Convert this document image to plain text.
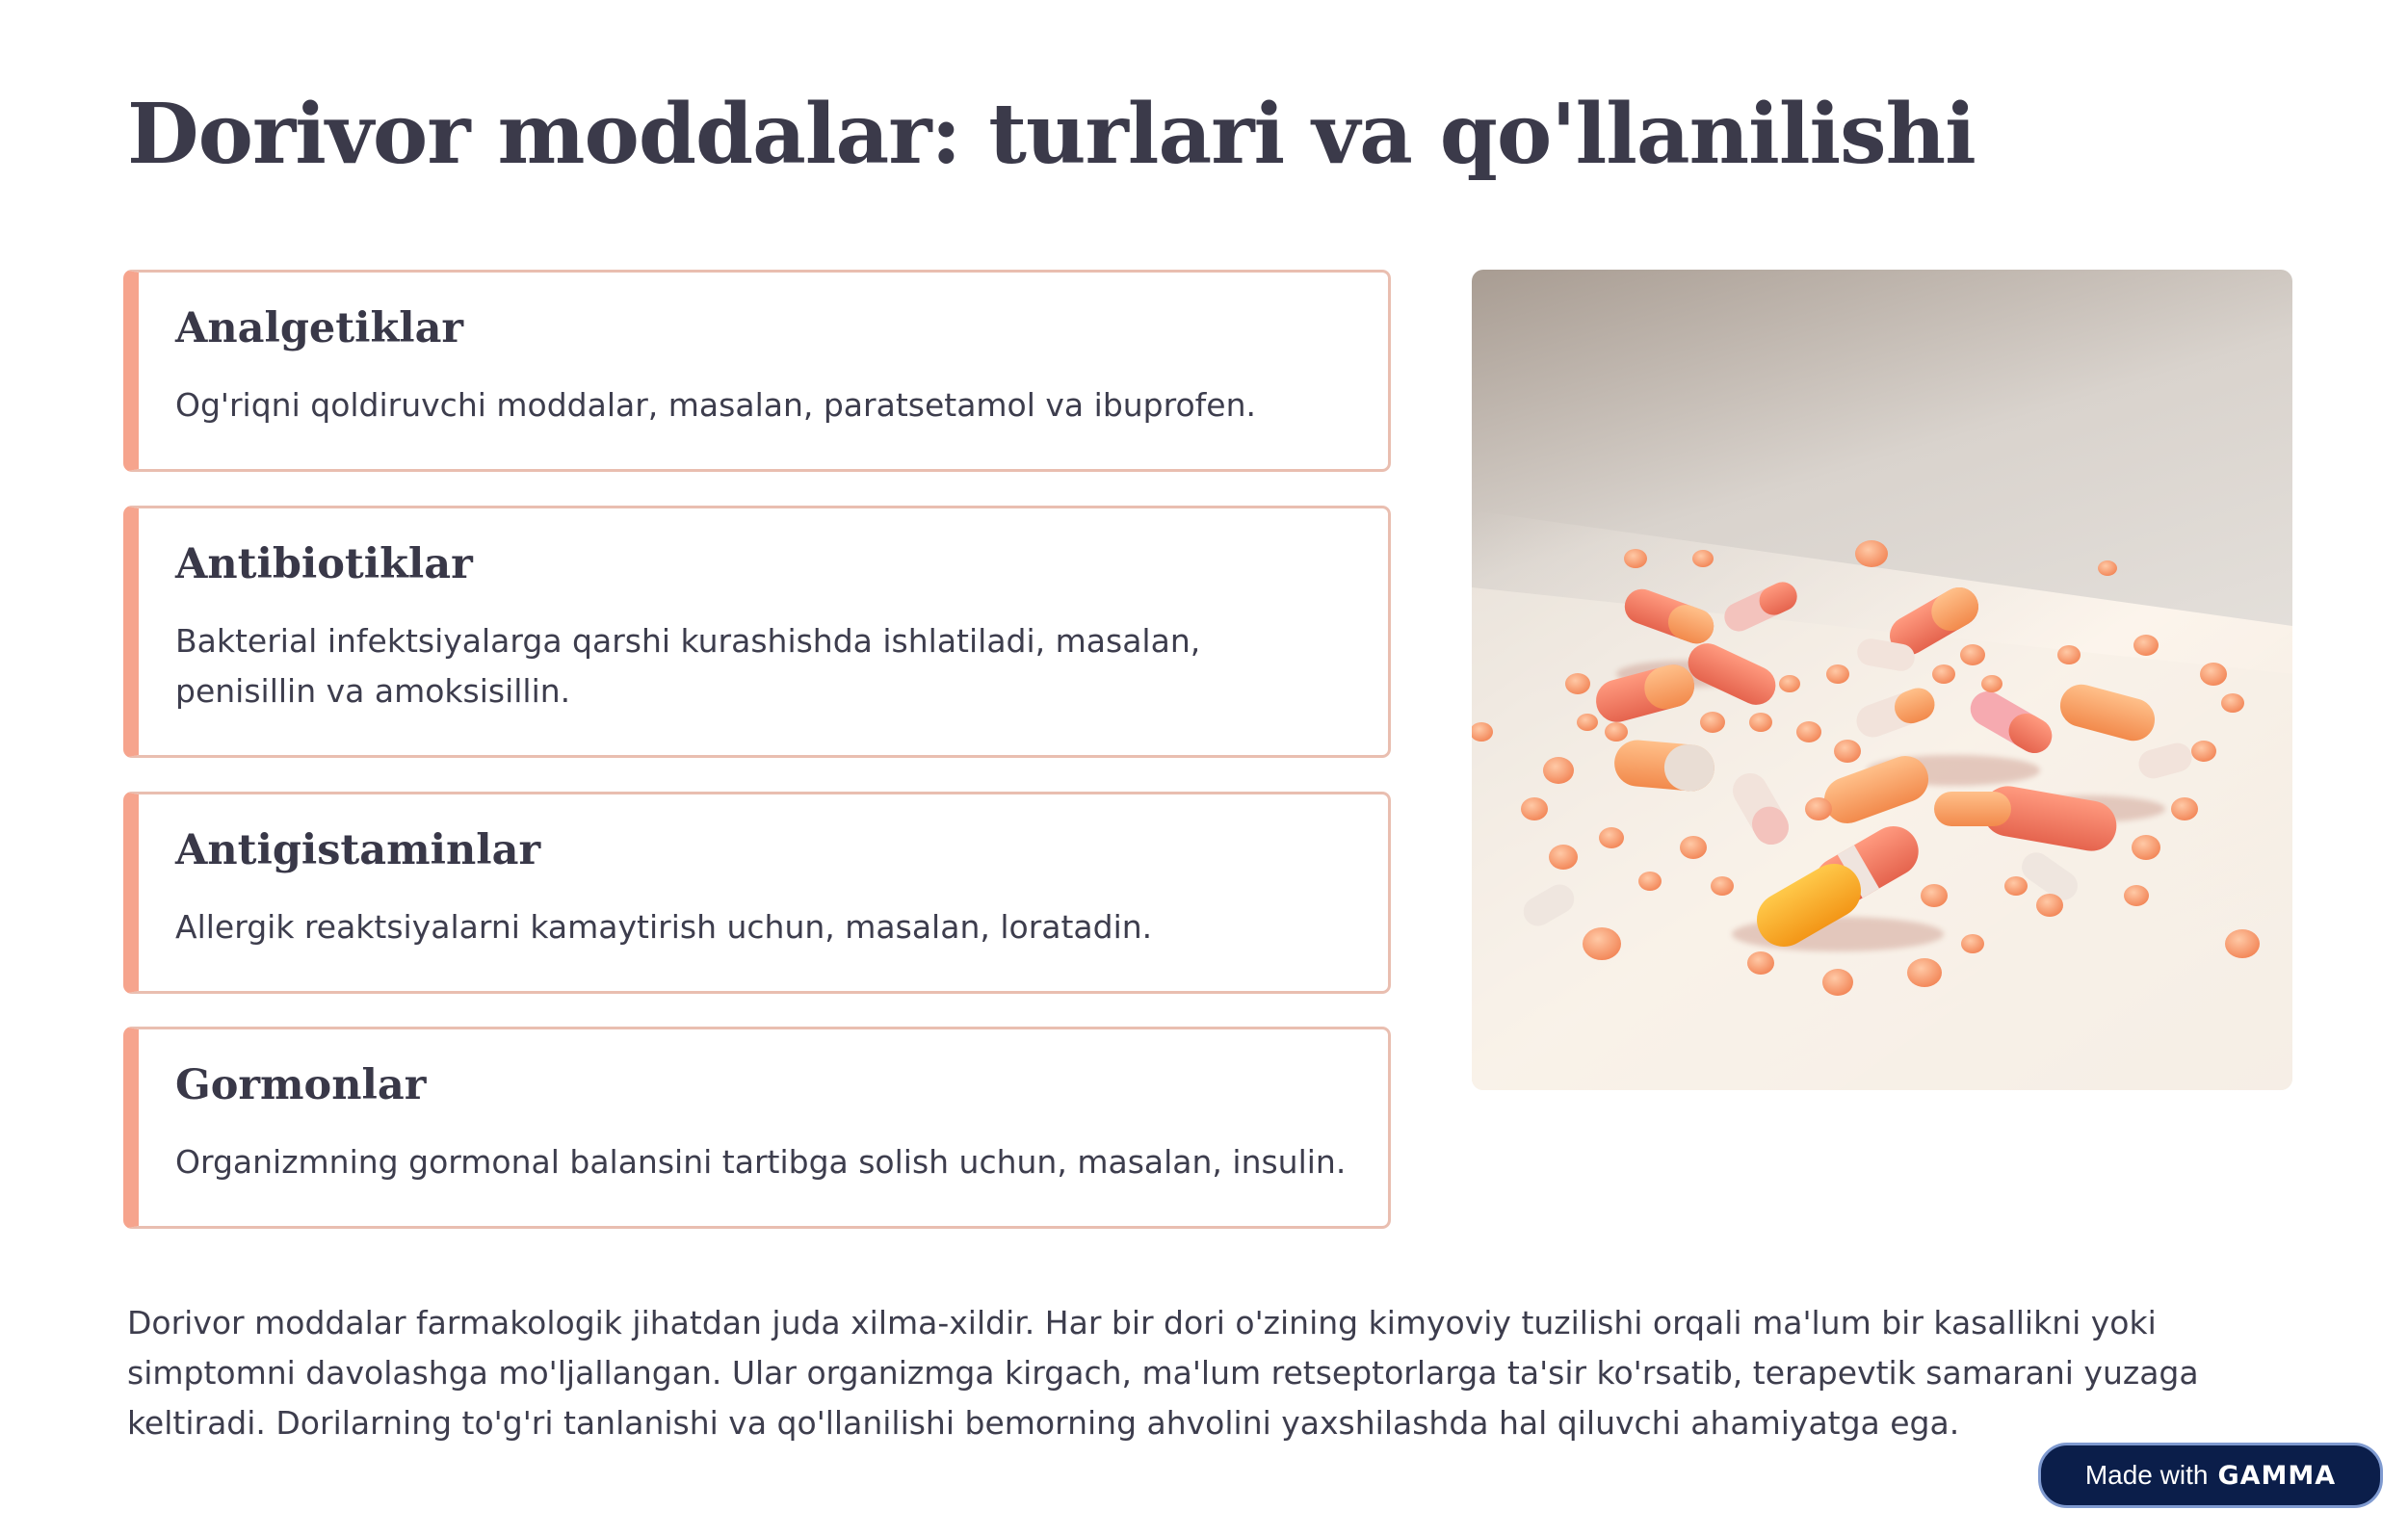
Dorivor moddalar: turlari va qo'llanilishi
Analgetiklar
Og'riqni qoldiruvchi moddalar, masalan, paratsetamol va ibuprofen.
Antibiotiklar
Bakterial infektsiyalarga qarshi kurashishda ishlatiladi, masalan, penisillin va amoksisillin.
Antigistaminlar
Allergik reaktsiyalarni kamaytirish uchun, masalan, loratadin.
Gormonlar
Organizmning gormonal balansini tartibga solish uchun, masalan, insulin.

Dorivor moddalar farmakologik jihatdan juda xilma-xildir. Har bir dori o'zining kimyoviy tuzilishi orqali ma'lum bir kasallikni yoki simptomni davolashga mo'ljallangan. Ular organizmga kirgach, ma'lum retseptorlarga ta'sir ko'rsatib, terapevtik samarani yuzaga keltiradi. Dorilarning to'g'ri tanlanishi va qo'llanilishi bemorning ahvolini yaxshilashda hal qiluvchi ahamiyatga ega.

Made with GAMMA
